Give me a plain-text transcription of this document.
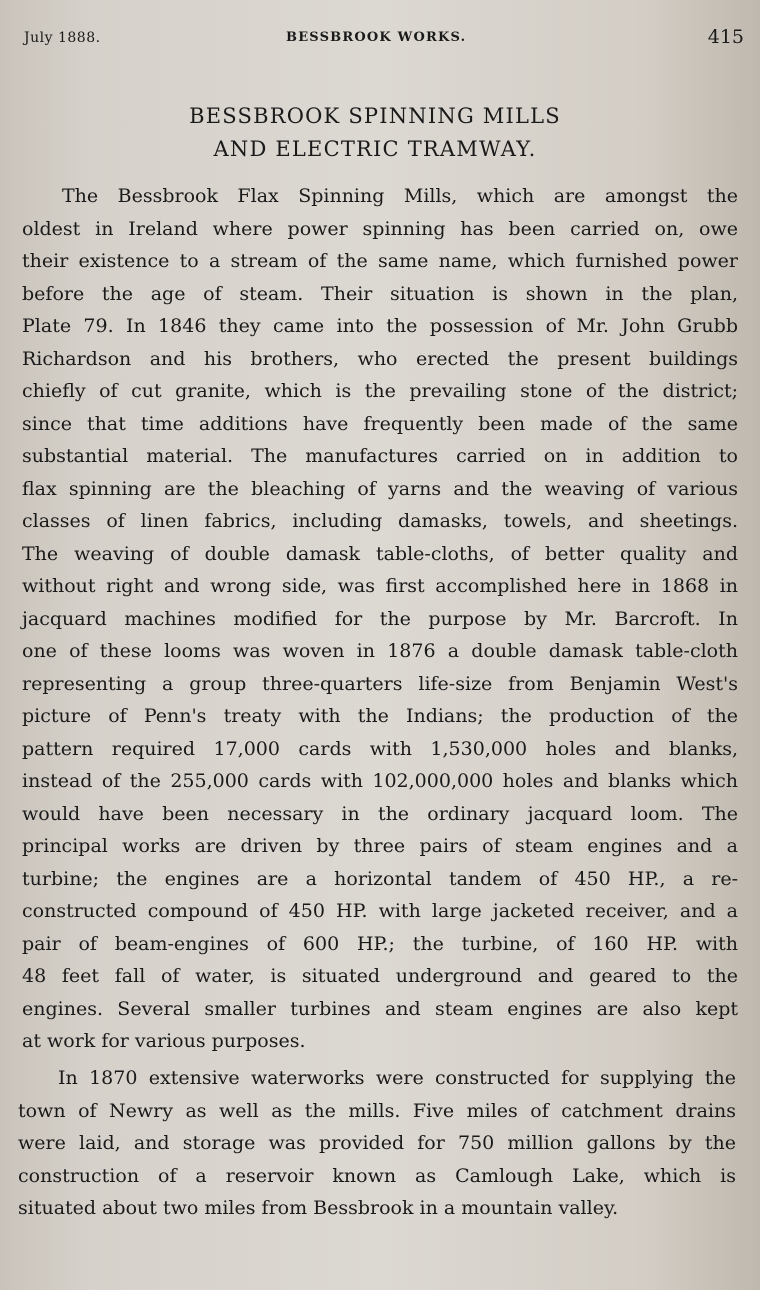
July 1888.	BESSBROOK WORKS.	415
BESSBROOK SPINNING MILLS
AND ELECTRIC TRAMWAY.
The Bessbrook Flax Spinning Mills, which are amongst the
oldest in Ireland where power spinning has been carried on, owe
their existence to a stream of the same name, which furnished power
before the age of steam. Their situation is shown in the plan,
Plate 79. In 1846 they came into the possession of Mr. John Grubb
Richardson and his brothers, who erected the present buildings
chiefly of cut granite, which is the prevailing stone of the district;
since that time additions have frequently been made of the same
substantial material. The manufactures carried on in addition to
flax spinning are the bleaching of yarns and the weaving of various
classes of linen fabrics, including damasks, towels, and sheetings.
The weaving of double damask table-cloths, of better quality and
without right and wrong side, was first accomplished here in 1868 in
jacquard machines modified for the purpose by Mr. Barcroft. In
one of these looms was woven in 1876 a double damask table-cloth
representing a group three-quarters life-size from Benjamin West's
picture of Penn's treaty with the Indians; the production of the
pattern required 17,000 cards with 1,530,000 holes and blanks,
instead of the 255,000 cards with 102,000,000 holes and blanks which
would have been necessary in the ordinary jacquard loom. The
principal works are driven by three pairs of steam engines and a
turbine; the engines are a horizontal tandem of 450 HP., a re-
constructed compound of 450 HP. with large jacketed receiver, and a
pair of beam-engines of 600 HP.; the turbine, of 160 HP. with
48 feet fall of water, is situated underground and geared to the
engines. Several smaller turbines and steam engines are also kept
at work for various purposes.
In 1870 extensive waterworks were constructed for supplying the
town of Newry as well as the mills. Five miles of catchment drains
were laid, and storage was provided for 750 million gallons by the
construction of a reservoir known as Camlough Lake, which is
situated about two miles from Bessbrook in a mountain valley.
